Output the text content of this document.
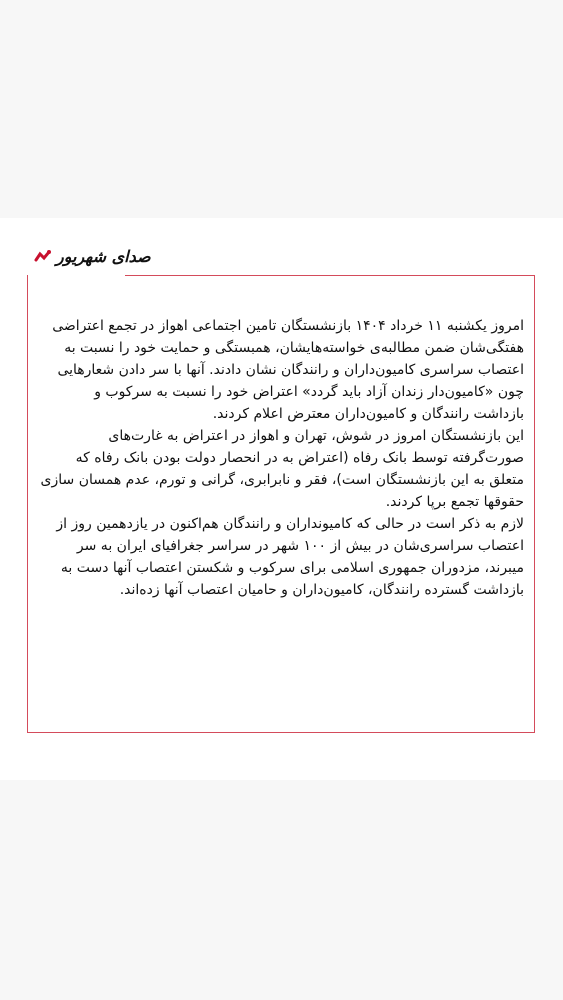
صدای شهریور

امروز یکشنبه ۱۱ خرداد ۱۴۰۴ بازنشستگان تامین اجتماعی اهواز در تجمع اعتراضی هفتگی‌شان ضمن مطالبه‌ی خواسته‌هایشان، همبستگی و حمایت خود را نسبت به اعتصاب سراسری کامیون‌داران و رانندگان نشان دادند. آنها با سر دادن شعارهایی چون «کامیون‌دار زندان آزاد باید گردد» اعتراض خود را نسبت به سرکوب و بازداشت رانندگان و کامیون‌داران معترض اعلام کردند.

این بازنشستگان امروز در شوش، تهران و اهواز در اعتراض به غارت‌های صورت‌گرفته توسط بانک رفاه (اعتراض به در انحصار دولت بودن بانک رفاه که متعلق به این بازنشستگان است)، فقر و نابرابری، گرانی و تورم، عدم همسان سازی حقوقها تجمع برپا کردند.

لازم به ذکر است در حالی که کامیونداران و رانندگان هم‌اکنون در یازدهمین روز از اعتصاب سراسری‌شان در بیش از ۱۰۰ شهر در سراسر جغرافیای ایران به سر میبرند، مزدوران جمهوری اسلامی برای سرکوب و شکستن اعتصاب آنها دست به بازداشت گسترده رانندگان، کامیون‌داران و حامیان اعتصاب آنها زده‌اند.
